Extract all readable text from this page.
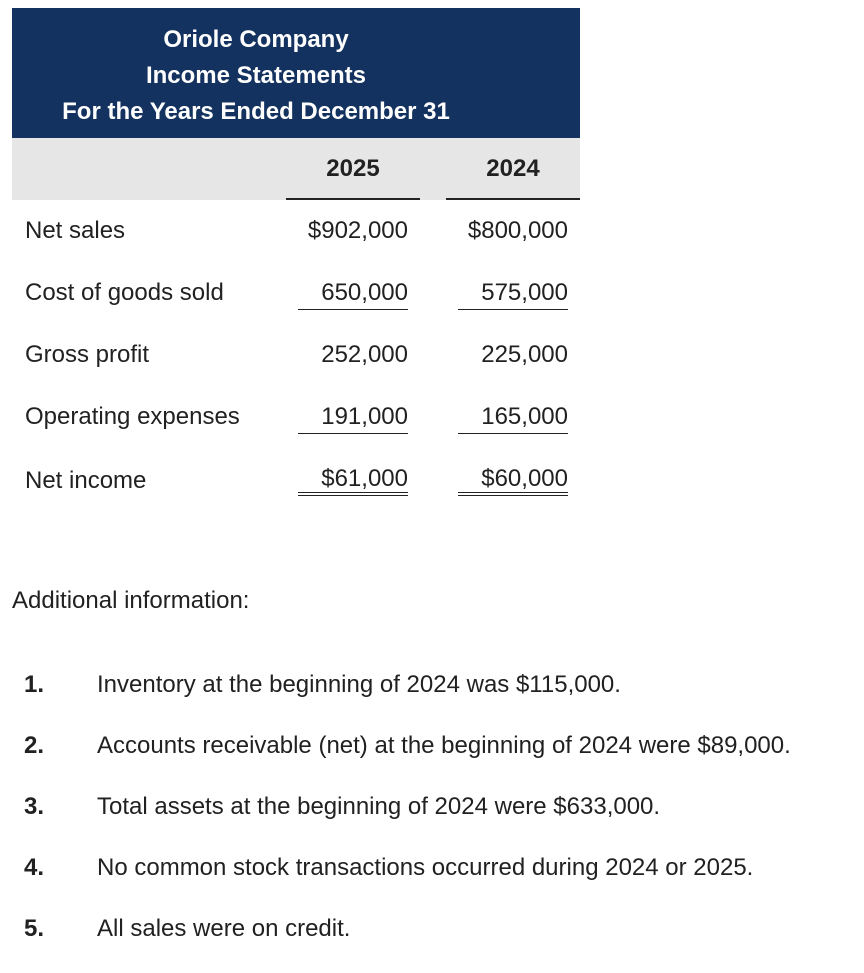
Oriole Company
Income Statements
For the Years Ended December 31
2025	2024
Net sales	$902,000	$800,000
Cost of goods sold	650,000	575,000
Gross profit	252,000	225,000
Operating expenses	191,000	165,000
Net income	$61,000	$60,000
Additional information:
1. Inventory at the beginning of 2024 was $115,000.
2. Accounts receivable (net) at the beginning of 2024 were $89,000.
3. Total assets at the beginning of 2024 were $633,000.
4. No common stock transactions occurred during 2024 or 2025.
5. All sales were on credit.
